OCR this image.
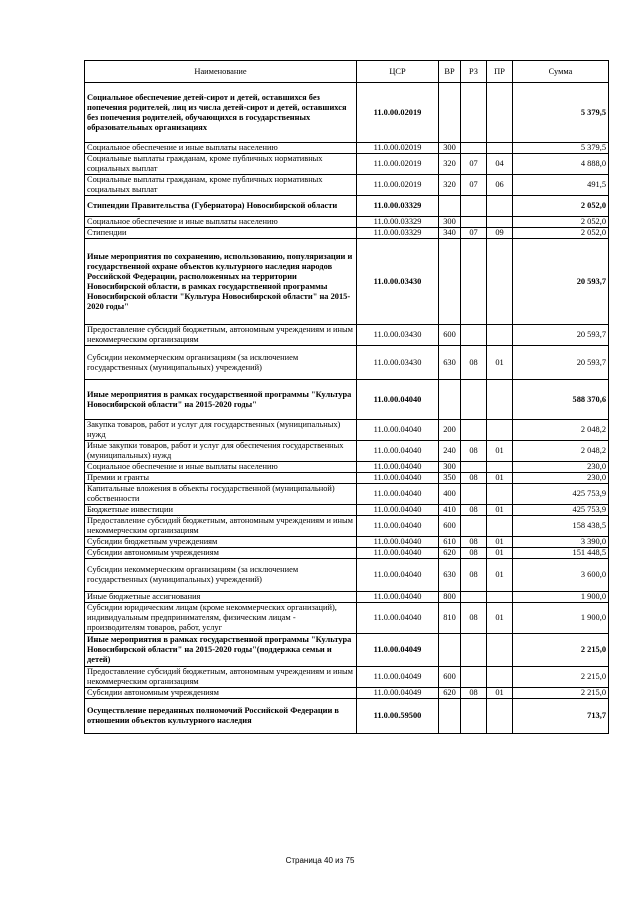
Наименование	ЦСР	ВР	РЗ	ПР	Сумма
Социальное обеспечение детей-сирот и детей, оставшихся без попечения родителей, лиц из числа детей-сирот и детей, оставшихся без попечения родителей, обучающихся в государственных образовательных организациях	11.0.00.02019				5 379,5
Социальное обеспечение и иные выплаты населению	11.0.00.02019	300			5 379,5
Социальные выплаты гражданам, кроме публичных нормативных социальных выплат	11.0.00.02019	320	07	04	4 888,0
Социальные выплаты гражданам, кроме публичных нормативных социальных выплат	11.0.00.02019	320	07	06	491,5
Стипендии Правительства (Губернатора) Новосибирской области	11.0.00.03329				2 052,0
Социальное обеспечение и иные выплаты населению	11.0.00.03329	300			2 052,0
Стипендии	11.0.00.03329	340	07	09	2 052,0
Иные мероприятия по сохранению, использованию, популяризации и государственной охране объектов культурного наследия народов Российской Федерации, расположенных на территории Новосибирской области, в рамках государственной программы Новосибирской области "Культура Новосибирской области" на 2015-2020 годы"	11.0.00.03430				20 593,7
Предоставление субсидий бюджетным, автономным учреждениям и иным некоммерческим организациям	11.0.00.03430	600			20 593,7
Субсидии некоммерческим организациям (за исключением государственных (муниципальных) учреждений)	11.0.00.03430	630	08	01	20 593,7
Иные мероприятия в рамках государственной программы "Культура Новосибирской области" на 2015-2020 годы"	11.0.00.04040				588 370,6
Закупка товаров, работ и услуг для государственных (муниципальных) нужд	11.0.00.04040	200			2 048,2
Иные закупки товаров, работ и услуг для обеспечения государственных (муниципальных) нужд	11.0.00.04040	240	08	01	2 048,2
Социальное обеспечение и иные выплаты населению	11.0.00.04040	300			230,0
Премии и гранты	11.0.00.04040	350	08	01	230,0
Капитальные вложения в объекты государственной (муниципальной) собственности	11.0.00.04040	400			425 753,9
Бюджетные инвестиции	11.0.00.04040	410	08	01	425 753,9
Предоставление субсидий бюджетным, автономным учреждениям и иным некоммерческим организациям	11.0.00.04040	600			158 438,5
Субсидии бюджетным учреждениям	11.0.00.04040	610	08	01	3 390,0
Субсидии автономным учреждениям	11.0.00.04040	620	08	01	151 448,5
Субсидии некоммерческим организациям (за исключением государственных (муниципальных) учреждений)	11.0.00.04040	630	08	01	3 600,0
Иные бюджетные ассигнования	11.0.00.04040	800			1 900,0
Субсидии юридическим лицам (кроме некоммерческих организаций), индивидуальным предпринимателям, физическим лицам - производителям товаров, работ, услуг	11.0.00.04040	810	08	01	1 900,0
Иные мероприятия в рамках государственной программы "Культура Новосибирской области" на 2015-2020 годы"(поддержка семьи и детей)	11.0.00.04049				2 215,0
Предоставление субсидий бюджетным, автономным учреждениям и иным некоммерческим организациям	11.0.00.04049	600			2 215,0
Субсидии автономным учреждениям	11.0.00.04049	620	08	01	2 215,0
Осуществление переданных полномочий Российской Федерации в отношении объектов культурного наследия	11.0.00.59500				713,7
Страница 40 из 75
